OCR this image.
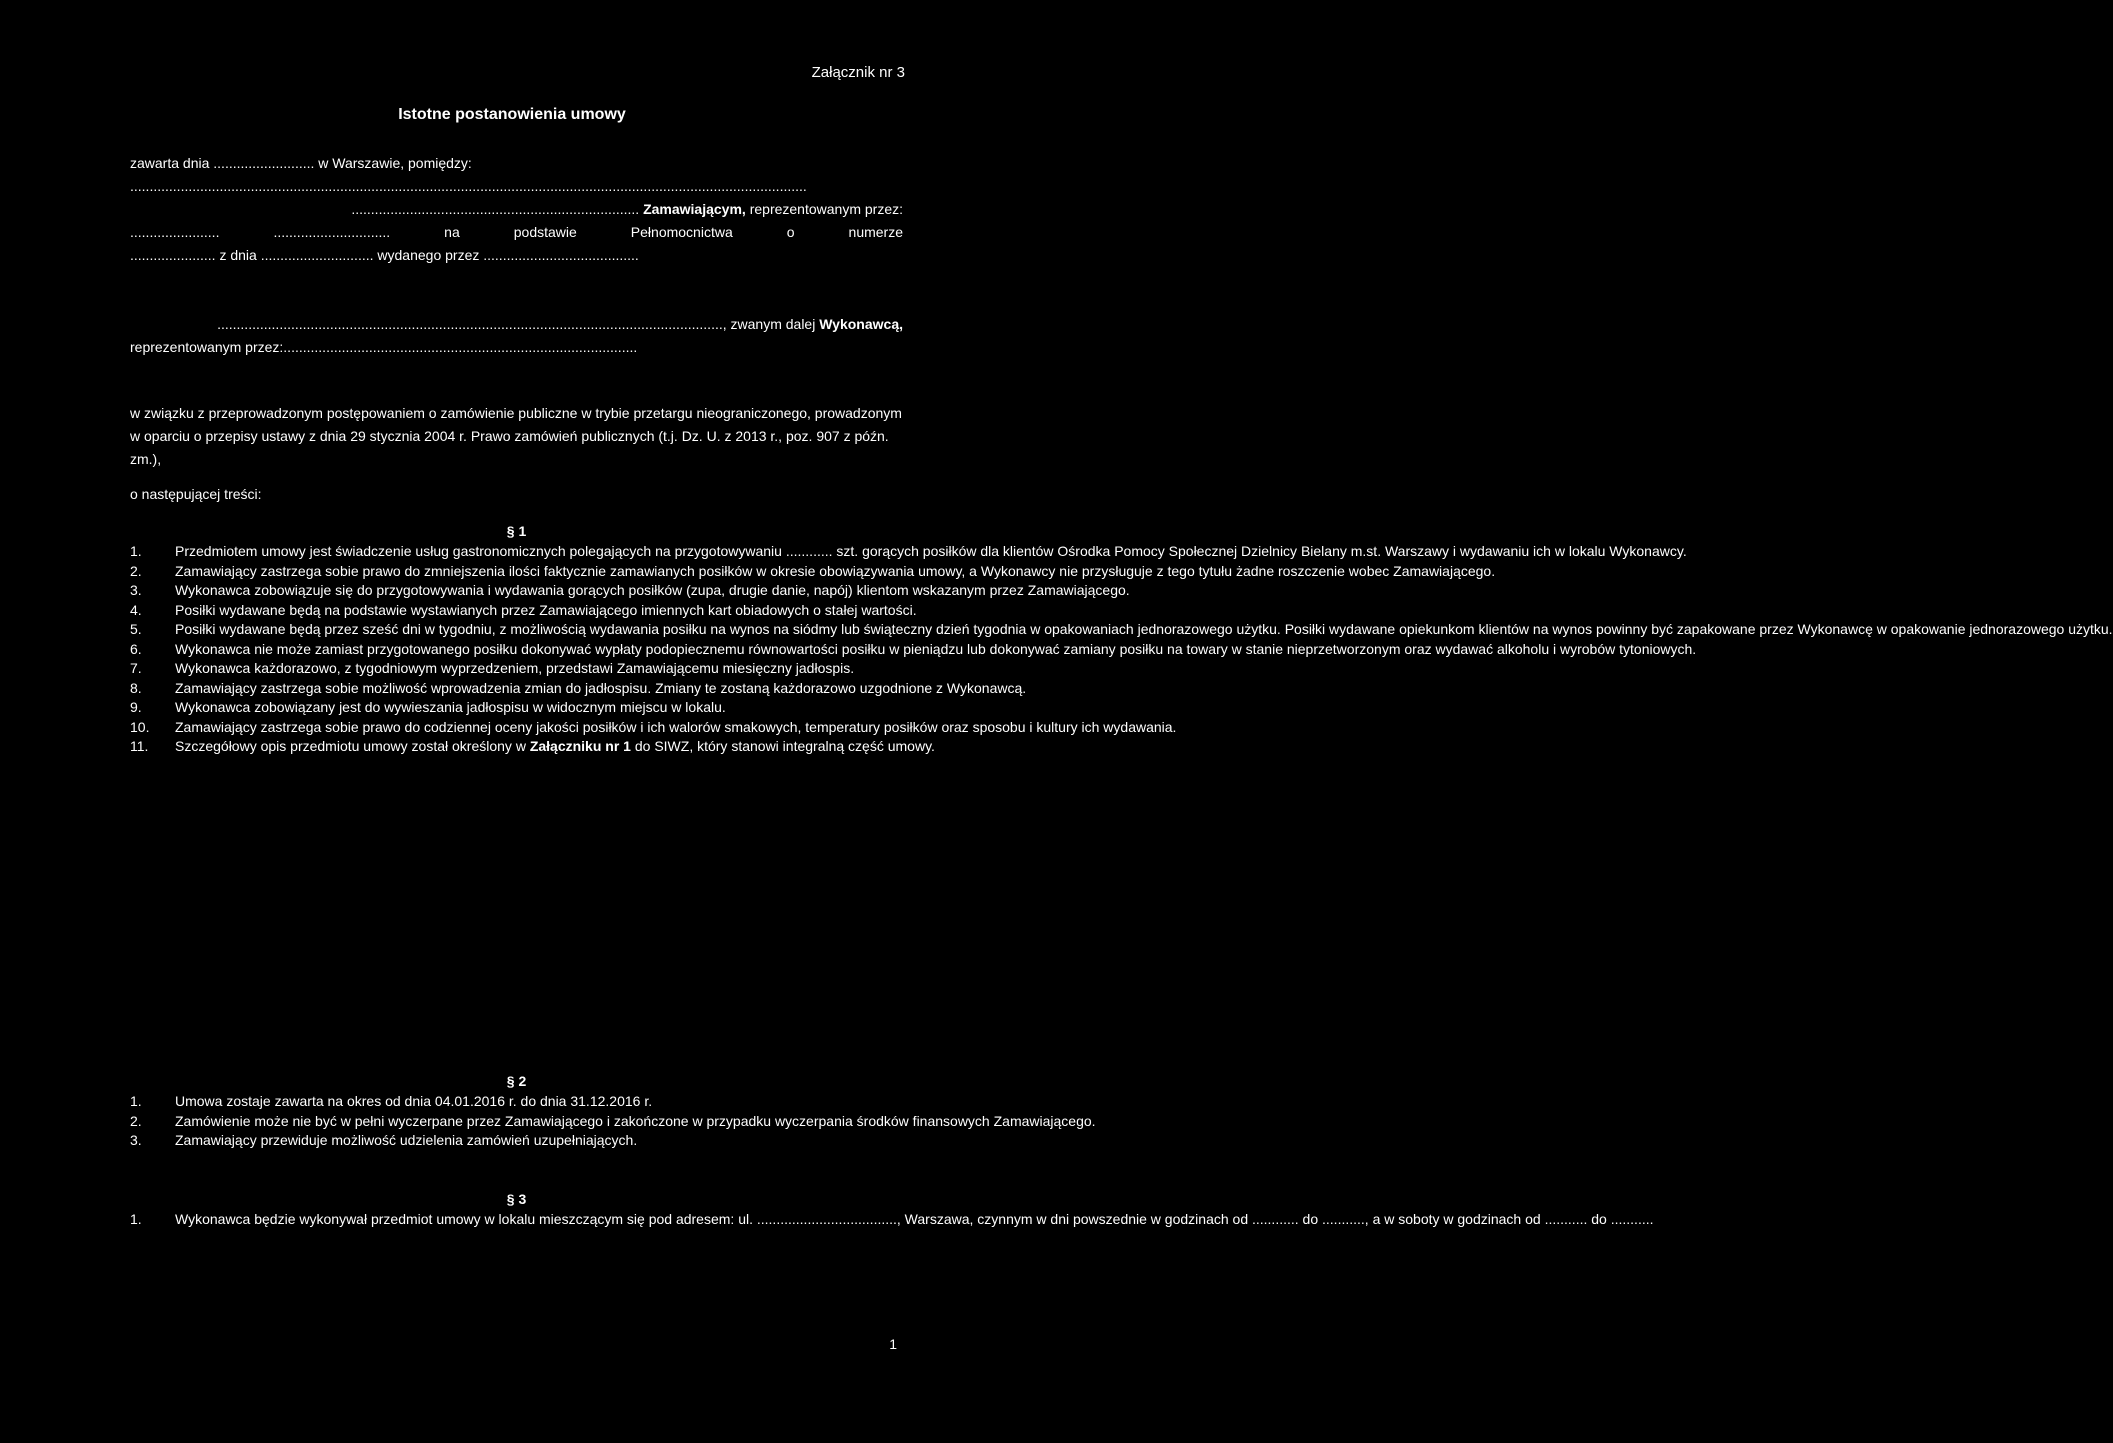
Załącznik nr 3
Istotne postanowienia umowy

zawarta dnia .......................... w Warszawie, pomiędzy:

..............................................................................................................................................................................

.......................................................................... Zamawiającym, reprezentowanym przez:

.......................	..............................	na	podstawie	Pełnomocnictwa	o	numerze

...................... z dnia ............................. wydanego przez ........................................

.................................................................................................................................., zwanym dalej Wykonawcą,

reprezentowanym przez:...........................................................................................

w związku z przeprowadzonym postępowaniem o zamówienie publiczne w trybie przetargu nieograniczonego, prowadzonym w oparciu o przepisy ustawy z dnia 29 stycznia 2004 r. Prawo zamówień publicznych (t.j. Dz. U. z 2013 r., poz. 907 z późn. zm.),

o następującej treści:

§ 1

1. Przedmiotem umowy jest świadczenie usług gastronomicznych polegających na przygotowywaniu ............ szt. gorących posiłków dla klientów Ośrodka Pomocy Społecznej Dzielnicy Bielany m.st. Warszawy i wydawaniu ich w lokalu Wykonawcy.
2. Zamawiający zastrzega sobie prawo do zmniejszenia ilości faktycznie zamawianych posiłków w okresie obowiązywania umowy, a Wykonawcy nie przysługuje z tego tytułu żadne roszczenie wobec Zamawiającego.
3. Wykonawca zobowiązuje się do przygotowywania i wydawania gorących posiłków (zupa, drugie danie, napój) klientom wskazanym przez Zamawiającego.
4. Posiłki wydawane będą na podstawie wystawianych przez Zamawiającego imiennych kart obiadowych o stałej wartości.
5. Posiłki wydawane będą przez sześć dni w tygodniu, z możliwością wydawania posiłku na wynos na siódmy lub świąteczny dzień tygodnia w opakowaniach jednorazowego użytku. Posiłki wydawane opiekunkom klientów na wynos powinny być zapakowane przez Wykonawcę w opakowanie jednorazowego użytku.
6. Wykonawca nie może zamiast przygotowanego posiłku dokonywać wypłaty podopiecznemu równowartości posiłku w pieniądzu lub dokonywać zamiany posiłku na towary w stanie nieprzetworzonym oraz wydawać alkoholu i wyrobów tytoniowych.
7. Wykonawca każdorazowo, z tygodniowym wyprzedzeniem, przedstawi Zamawiającemu miesięczny jadłospis.
8. Zamawiający zastrzega sobie możliwość wprowadzenia zmian do jadłospisu. Zmiany te zostaną każdorazowo uzgodnione z Wykonawcą.
9. Wykonawca zobowiązany jest do wywieszania jadłospisu w widocznym miejscu w lokalu.
10. Zamawiający zastrzega sobie prawo do codziennej oceny jakości posiłków i ich walorów smakowych, temperatury posiłków oraz sposobu i kultury ich wydawania.
11. Szczegółowy opis przedmiotu umowy został określony w Załączniku nr 1 do SIWZ, który stanowi integralną część umowy.

§ 2

1. Umowa zostaje zawarta na okres od dnia 04.01.2016 r. do dnia 31.12.2016 r.
2. Zamówienie może nie być w pełni wyczerpane przez Zamawiającego i zakończone w przypadku wyczerpania środków finansowych Zamawiającego.
3. Zamawiający przewiduje możliwość udzielenia zamówień uzupełniających.

§ 3

1. Wykonawca będzie wykonywał przedmiot umowy w lokalu mieszczącym się pod adresem: ul. ...................................., Warszawa, czynnym w dni powszednie w godzinach od ............ do ..........., a w soboty w godzinach od ........... do ...........
1
